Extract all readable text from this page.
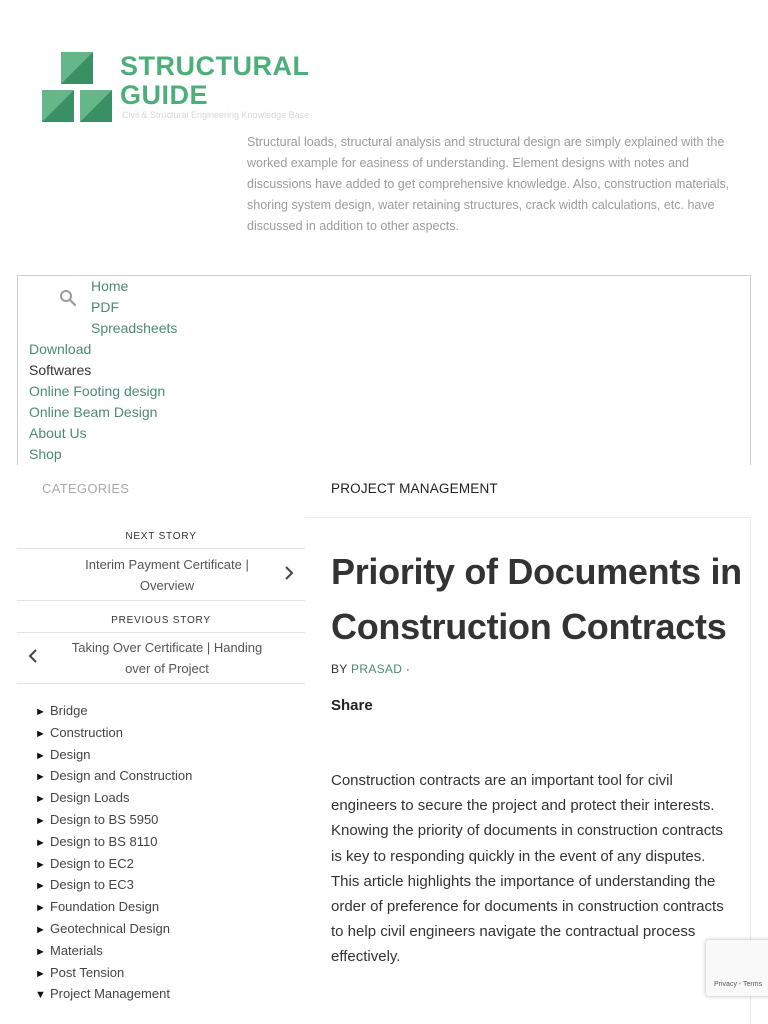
STRUCTURAL
GUIDE
Civil & Structural Engineering Knowledge Base

Structural loads, structural analysis and structural design are simply explained with the worked example for easiness of understanding. Element designs with notes and discussions have added to get comprehensive knowledge. Also, construction materials, shoring system design, water retaining structures, crack width calculations, etc. have discussed in addition to other aspects.

Home
PDF
Spreadsheets
Download
Softwares
Online Footing design
Online Beam Design
About Us
Shop
CATEGORIES	PROJECT MANAGEMENT
NEXT STORY
Interim Payment Certificate | Overview
PREVIOUS STORY
Taking Over Certificate | Handing over of Project
► Bridge
► Construction
► Design
► Design and Construction
► Design Loads
► Design to BS 5950
► Design to BS 8110
► Design to EC2
► Design to EC3
► Foundation Design
► Geotechnical Design
► Materials
► Post Tension
▼ Project Management
Priority of Documents in Construction Contracts
BY PRASAD ·
Share

Construction contracts are an important tool for civil engineers to secure the project and protect their interests. Knowing the priority of documents in construction contracts is key to responding quickly in the event of any disputes. This article highlights the importance of understanding the order of preference for documents in construction contracts to help civil engineers navigate the contractual process effectively.

Privacy - Terms
